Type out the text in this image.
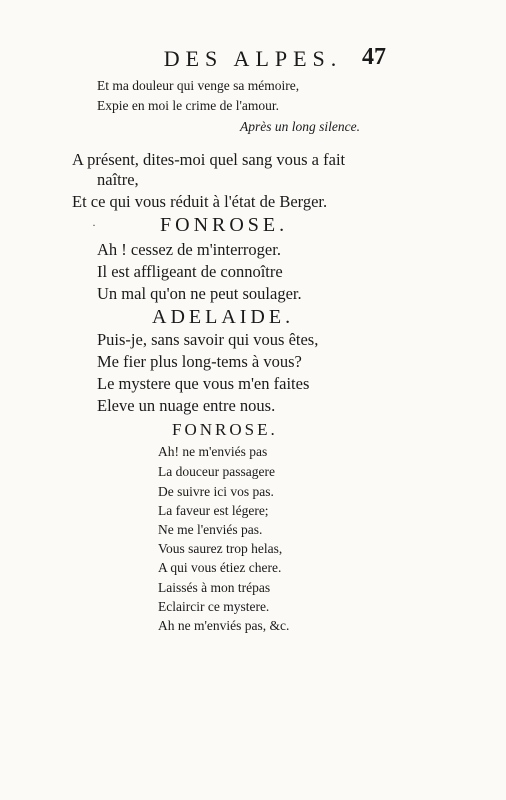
DES ALPES. 47
Et ma douleur qui venge sa mémoire,
Expie en moi le crime de l'amour.
Après un long silence.
A présent, dites-moi quel sang vous a fait
naître,
Et ce qui vous réduit à l'état de Berger.
·	FONROSE.
Ah ! cessez de m'interroger.
Il est affligeant de connoître
Un mal qu'on ne peut soulager.
ADELAIDE.
Puis-je, sans savoir qui vous êtes,
Me fier plus long-tems à vous?
Le mystere que vous m'en faites
Eleve un nuage entre nous.
FONROSE.
Ah! ne m'enviés pas
La douceur passagere
De suivre ici vos pas.
La faveur est légere;
Ne me l'enviés pas.
Vous saurez trop helas,
A qui vous étiez chere.
Laissés à mon trépas
Eclaircir ce mystere.
Ah ne m'enviés pas, &c.
